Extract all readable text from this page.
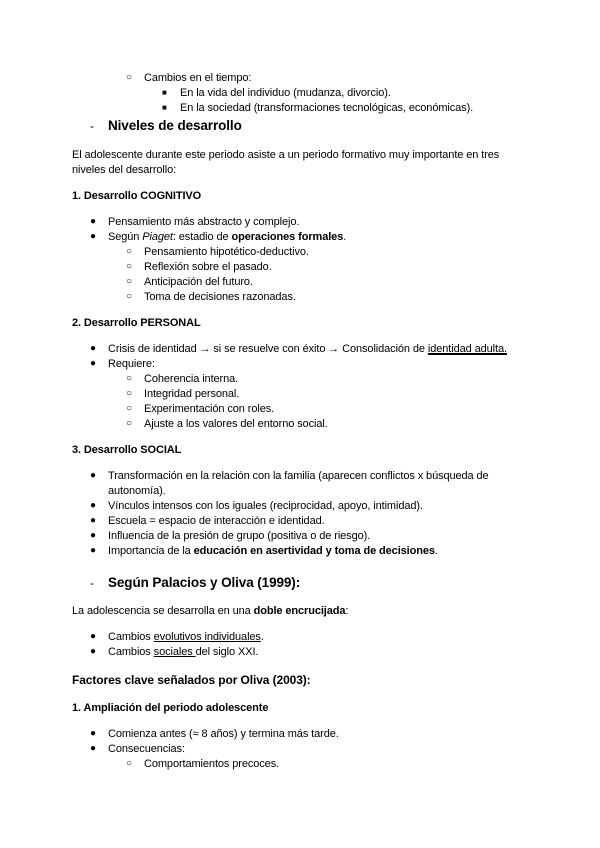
○ Cambios en el tiempo:
■ En la vida del individuo (mudanza, divorcio).
■ En la sociedad (transformaciones tecnológicas, económicas).
- Niveles de desarrollo
El adolescente durante este periodo asiste a un periodo formativo muy importante en tres
niveles del desarrollo:
1. Desarrollo COGNITIVO
● Pensamiento más abstracto y complejo.
● Según Piaget: estadio de operaciones formales.
○ Pensamiento hipotético-deductivo.
○ Reflexión sobre el pasado.
○ Anticipación del futuro.
○ Toma de decisiones razonadas.
2. Desarrollo PERSONAL
● Crisis de identidad → si se resuelve con éxito → Consolidación de identidad adulta.
● Requiere:
○ Coherencia interna.
○ Integridad personal.
○ Experimentación con roles.
○ Ajuste a los valores del entorno social.
3. Desarrollo SOCIAL
● Transformación en la relación con la familia (aparecen conflictos x búsqueda de
autonomía).
● Vínculos intensos con los iguales (reciprocidad, apoyo, intimidad).
● Escuela = espacio de interacción e identidad.
● Influencia de la presión de grupo (positiva o de riesgo).
● Importancia de la educación en asertividad y toma de decisiones.
- Según Palacios y Oliva (1999):
La adolescencia se desarrolla en una doble encrucijada:
● Cambios evolutivos individuales.
● Cambios sociales del siglo XXI.
Factores clave señalados por Oliva (2003):
1. Ampliación del periodo adolescente
● Comienza antes (≈ 8 años) y termina más tarde.
● Consecuencias:
○ Comportamientos precoces.
